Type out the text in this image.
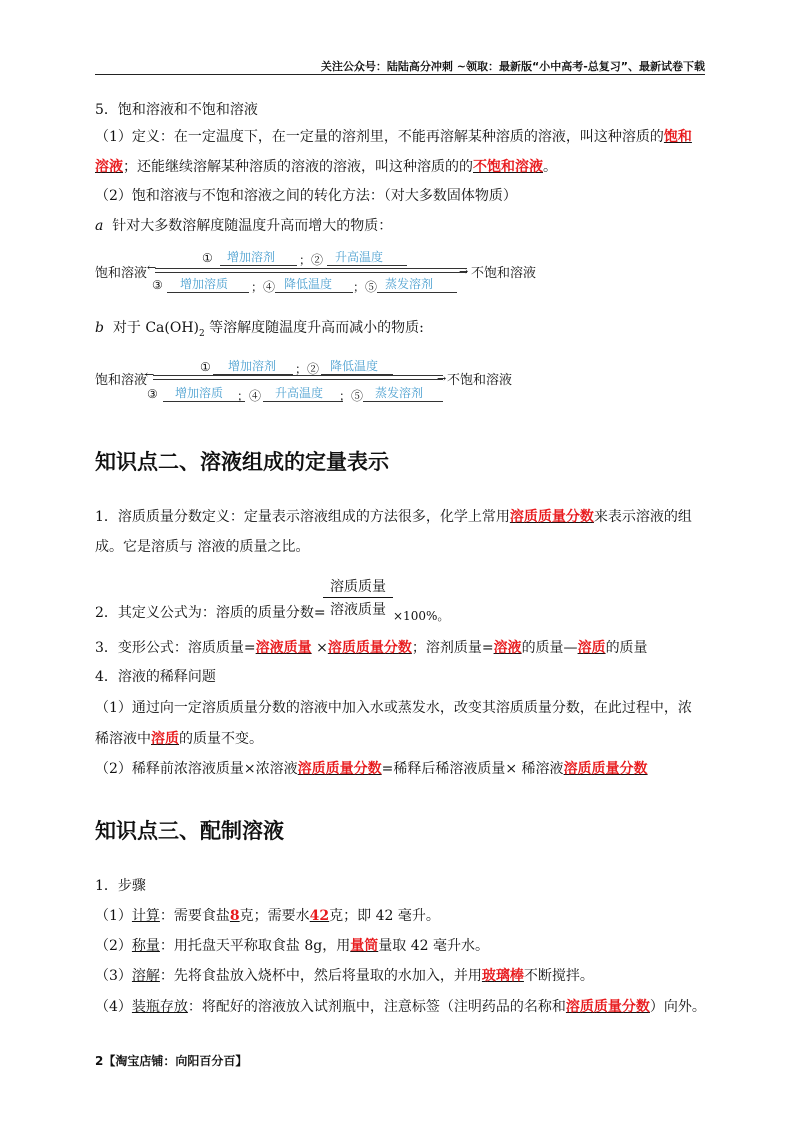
关注公众号：陆陆高分冲刺 ~领取：最新版“小中高考-总复习”、最新试卷下载
5．饱和溶液和不饱和溶液
（1）定义：在一定温度下，在一定量的溶剂里，不能再溶解某种溶质的溶液，叫这种溶质的饱和
溶液；还能继续溶解某种溶质的溶液的溶液，叫这种溶质的的不饱和溶液。
（2）饱和溶液与不饱和溶液之间的转化方法：（对大多数固体物质）
a 针对大多数溶解度随温度升高而增大的物质：
① 增加溶剂 ；② 升高温度
饱和溶液 ←	→ 不饱和溶液
③ 增加溶质 ；④ 降低温度 ；⑤ 蒸发溶剂
b 对于 $Ca(OH)_2$ 等溶解度随温度升高而减小的物质:
① 增加溶剂 ；② 降低温度
饱和溶液
←	→ 不饱和溶液
③ 增加溶质 ；④ 升高温度 ；⑤ 蒸发溶剂
知识点二、溶液组成的定量表示
1．溶质质量分数定义：定量表示溶液组成的方法很多，化学上常用溶质质量分数来表示溶液的组
成。它是溶质与 溶液的质量之比。
2．其定义公式为：溶质的质量分数=
溶质质量
溶液质量 ×100%。
3．变形公式：溶质质量=溶液质量 ×溶质质量分数；溶剂质量=溶液的质量—溶质的质量
4．溶液的稀释问题
（1）通过向一定溶质质量分数的溶液中加入水或蒸发水，改变其溶质质量分数，在此过程中，浓
稀溶液中溶质的质量不变。
（2）稀释前浓溶液质量×浓溶液溶质质量分数=稀释后稀溶液质量× 稀溶液溶质质量分数
知识点三、配制溶液
1．步骤
（1）计算：需要食盐8克；需要水42克；即 42 毫升。
（2）称量：用托盘天平称取食盐 8g，用量筒量取 42 毫升水。
（3）溶解：先将食盐放入烧杯中，然后将量取的水加入，并用玻璃棒不断搅拌。
（4）装瓶存放：将配好的溶液放入试剂瓶中，注意标签（注明药品的名称和溶质质量分数）向外。
2【淘宝店铺：向阳百分百】
